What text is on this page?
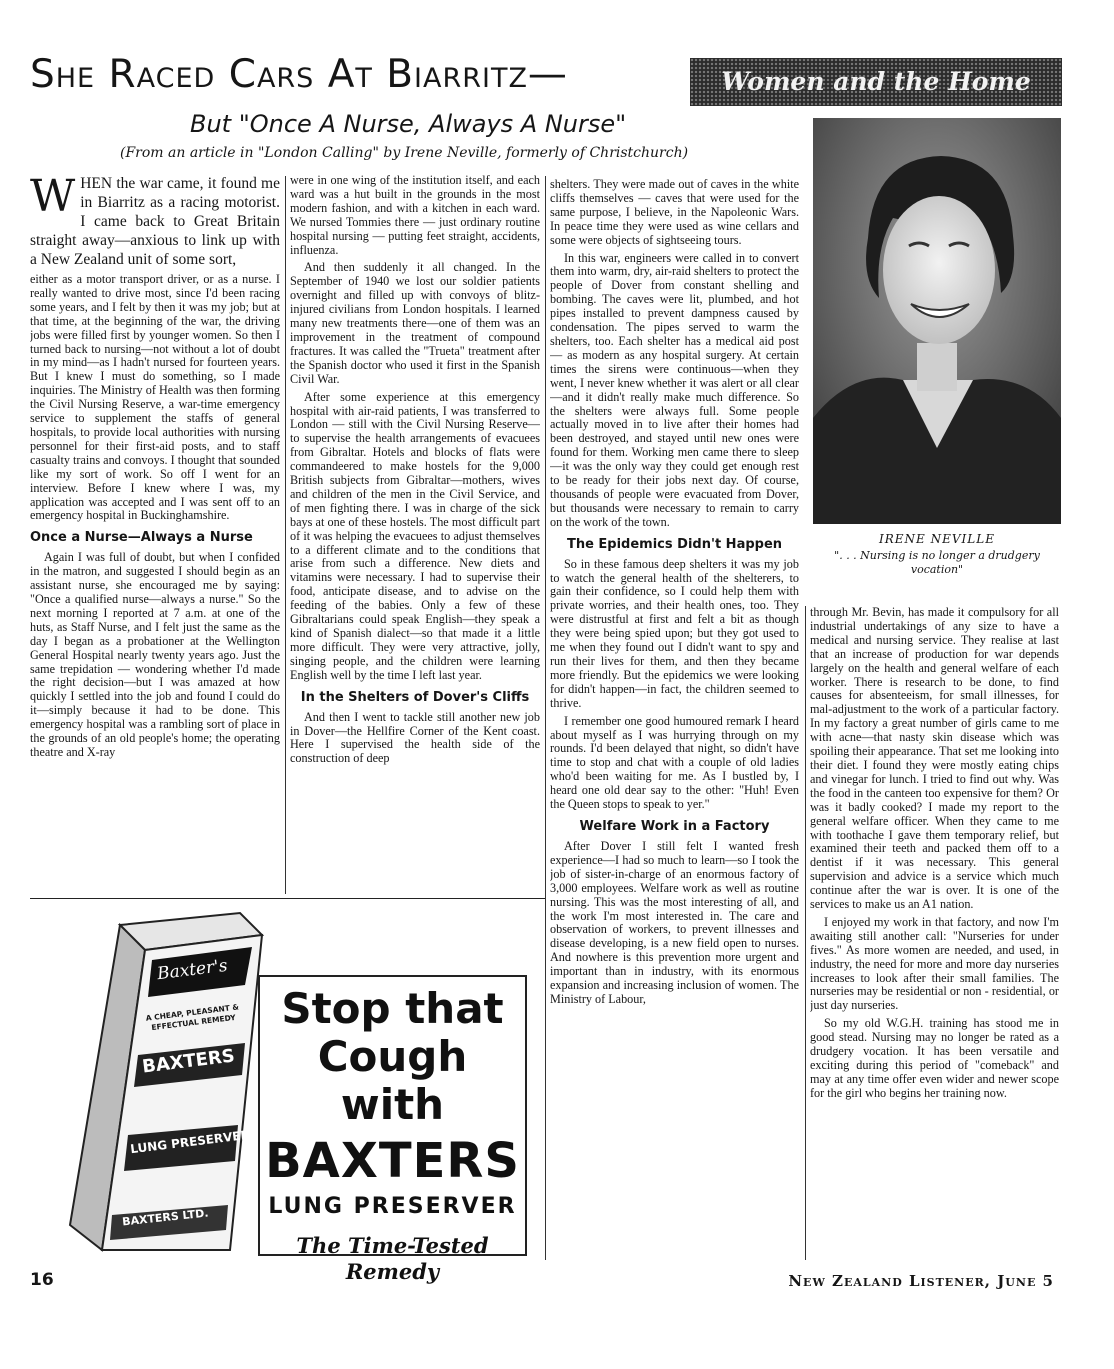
She Raced Cars At Biarritz—	Women and the Home
But "Once A Nurse, Always A Nurse"
(From an article in "London Calling" by Irene Neville, formerly of Christchurch)

WHEN the war came, it found me in Biarritz as a racing motorist. I came back to Great Britain straight away—anxious to link up with a New Zealand unit of some sort,

either as a motor transport driver, or as a nurse. I really wanted to drive most, since I'd been racing some years, and I felt by then it was my job; but at that time, at the beginning of the war, the driving jobs were filled first by younger women. So then I turned back to nursing—not without a lot of doubt in my mind—as I hadn't nursed for fourteen years. But I knew I must do something, so I made inquiries. The Ministry of Health was then forming the Civil Nursing Reserve, a war-time emergency service to supplement the staffs of general hospitals, to provide local authorities with nursing personnel for their first-aid posts, and to staff casualty trains and convoys. I thought that sounded like my sort of work. So off I went for an interview. Before I knew where I was, my application was accepted and I was sent off to an emergency hospital in Buckinghamshire.

Once a Nurse—Always a Nurse

Again I was full of doubt, but when I confided in the matron, and suggested I should begin as an assistant nurse, she encouraged me by saying: "Once a qualified nurse—always a nurse." So the next morning I reported at 7 a.m. at one of the huts, as Staff Nurse, and I felt just the same as the day I began as a probationer at the Wellington General Hospital nearly twenty years ago. Just the same trepidation — wondering whether I'd made the right decision—but I was amazed at how quickly I settled into the job and found I could do it—simply because it had to be done. This emergency hospital was a rambling sort of place in the grounds of an old people's home; the operating theatre and X-ray

were in one wing of the institution itself, and each ward was a hut built in the grounds in the most modern fashion, and with a kitchen in each ward. We nursed Tommies there — just ordinary routine hospital nursing — putting feet straight, accidents, influenza.

And then suddenly it all changed. In the September of 1940 we lost our soldier patients overnight and filled up with convoys of blitz-injured civilians from London hospitals. I learned many new treatments there—one of them was an improvement in the treatment of compound fractures. It was called the "Trueta" treatment after the Spanish doctor who used it first in the Spanish Civil War.

After some experience at this emergency hospital with air-raid patients, I was transferred to London — still with the Civil Nursing Reserve—to supervise the health arrangements of evacuees from Gibraltar. Hotels and blocks of flats were commandeered to make hostels for the 9,000 British subjects from Gibraltar—mothers, wives and children of the men in the Civil Service, and of men fighting there. I was in charge of the sick bays at one of these hostels. The most difficult part of it was helping the evacuees to adjust themselves to a different climate and to the conditions that arise from such a difference. New diets and vitamins were necessary. I had to supervise their food, anticipate disease, and to advise on the feeding of the babies. Only a few of these Gibraltarians could speak English—they speak a kind of Spanish dialect—so that made it a little more difficult. They were very attractive, jolly, singing people, and the children were learning English well by the time I left last year.

In the Shelters of Dover's Cliffs

And then I went to tackle still another new job in Dover—the Hellfire Corner of the Kent coast. Here I supervised the health side of the construction of deep

shelters. They were made out of caves in the white cliffs themselves — caves that were used for the same purpose, I believe, in the Napoleonic Wars. In peace time they were used as wine cellars and some were objects of sightseeing tours.

In this war, engineers were called in to convert them into warm, dry, air-raid shelters to protect the people of Dover from constant shelling and bombing. The caves were lit, plumbed, and hot pipes installed to prevent dampness caused by condensation. The pipes served to warm the shelters, too. Each shelter has a medical aid post — as modern as any hospital surgery. At certain times the sirens were continuous—when they went, I never knew whether it was alert or all clear—and it didn't really make much difference. So the shelters were always full. Some people actually moved in to live after their homes had been destroyed, and stayed until new ones were found for them. Working men came there to sleep—it was the only way they could get enough rest to be ready for their jobs next day. Of course, thousands of people were evacuated from Dover, but thousands were necessary to remain to carry on the work of the town.

The Epidemics Didn't Happen

So in these famous deep shelters it was my job to watch the general health of the shelterers, to gain their confidence, so I could help them with private worries, and their health ones, too. They were distrustful at first and felt a bit as though they were being spied upon; but they got used to me when they found out I didn't want to spy and run their lives for them, and then they became more friendly. But the epidemics we were looking for didn't happen—in fact, the children seemed to thrive.

I remember one good humoured remark I heard about myself as I was hurrying through on my rounds. I'd been delayed that night, so didn't have time to stop and chat with a couple of old ladies who'd been waiting for me. As I bustled by, I heard one old dear say to the other: "Huh! Even the Queen stops to speak to yer."

Welfare Work in a Factory

After Dover I still felt I wanted fresh experience—I had so much to learn—so I took the job of sister-in-charge of an enormous factory of 3,000 employees. Welfare work as well as routine nursing. This was the most interesting of all, and the work I'm most interested in. The care and observation of workers, to prevent illnesses and disease developing, is a new field open to nurses. And nowhere is this prevention more urgent and important than in industry, with its enormous expansion and increasing inclusion of women. The Ministry of Labour,

IRENE NEVILLE
". . . Nursing is no longer a drudgery vocation"

through Mr. Bevin, has made it compulsory for all industrial undertakings of any size to have a medical and nursing service. They realise at last that an increase of production for war depends largely on the health and general welfare of each worker. There is research to be done, to find causes for absenteeism, for small illnesses, for mal-adjustment to the work of a particular factory. In my factory a great number of girls came to me with acne—that nasty skin disease which was spoiling their appearance. That set me looking into their diet. I found they were mostly eating chips and vinegar for lunch. I tried to find out why. Was the food in the canteen too expensive for them? Or was it badly cooked? I made my report to the general welfare officer. When they came to me with toothache I gave them temporary relief, but examined their teeth and packed them off to a dentist if it was necessary. This general supervision and advice is a service which much continue after the war is over. It is one of the services to make us an A1 nation.

I enjoyed my work in that factory, and now I'm awaiting still another call: "Nurseries for under fives." As more women are needed, and used, in industry, the need for more and more day nurseries increases to look after their small families. The nurseries may be residential or non - residential, or just day nurseries.

So my old W.G.H. training has stood me in good stead. Nursing may no longer be rated as a drudgery vocation. It has been versatile and exciting during this period of "comeback" and may at any time offer even wider and newer scope for the girl who begins her training now.

Baxter's
A CHEAP, PLEASANT & EFFECTUAL REMEDY
BAXTERS
LUNG PRESERVER
BAXTERS LTD.
Stop that
Cough with
BAXTERS
LUNG PRESERVER
The Time-Tested
Remedy
16	New Zealand Listener, June 5
